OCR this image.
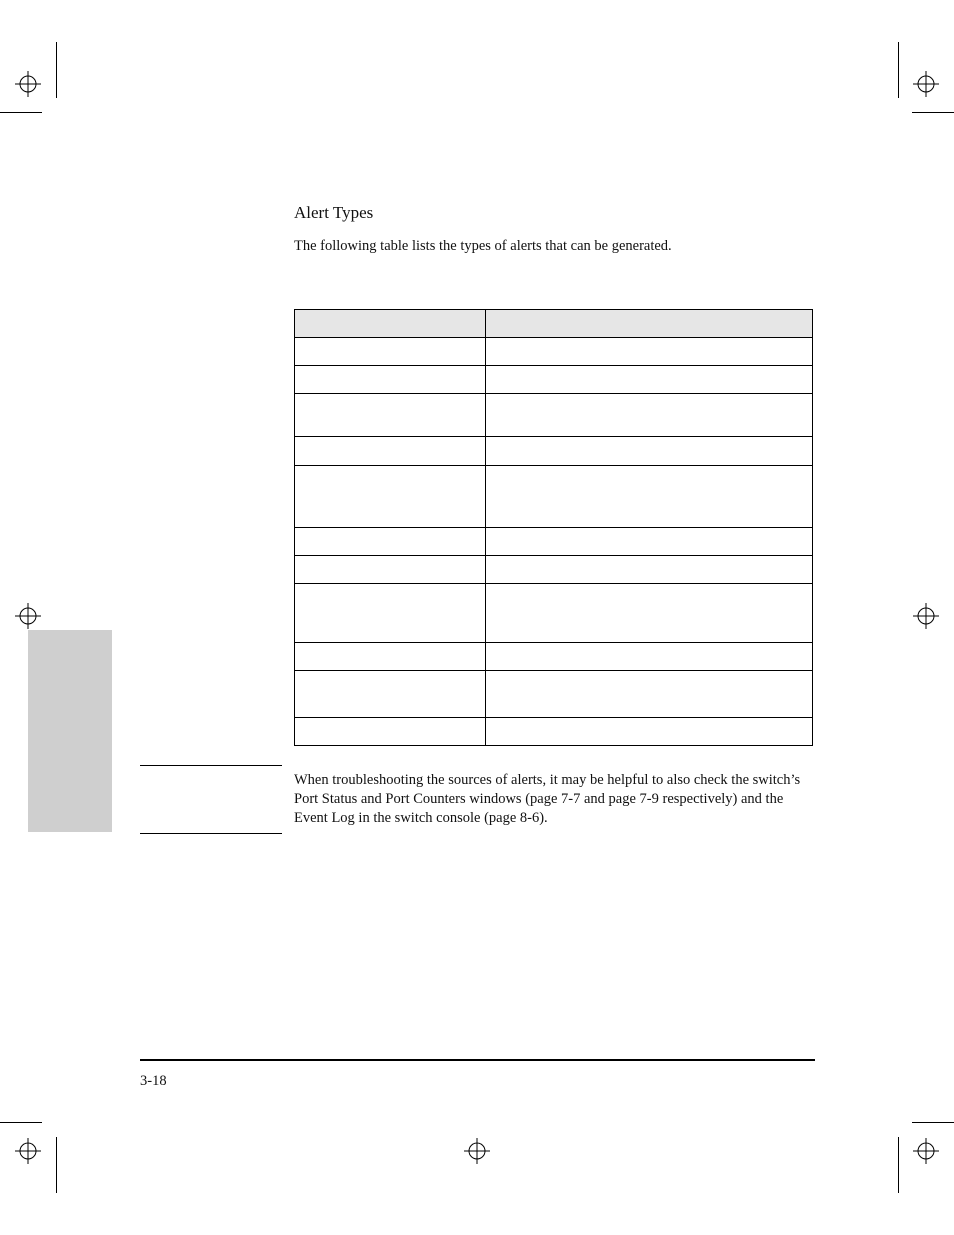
Alert Types
The following table lists the types of alerts that can be generated.

When troubleshooting the sources of alerts, it may be helpful to also check the switch’s Port Status and Port Counters windows (page 7-7 and page 7-9 respectively) and the Event Log in the switch console (page 8-6).
3-18
